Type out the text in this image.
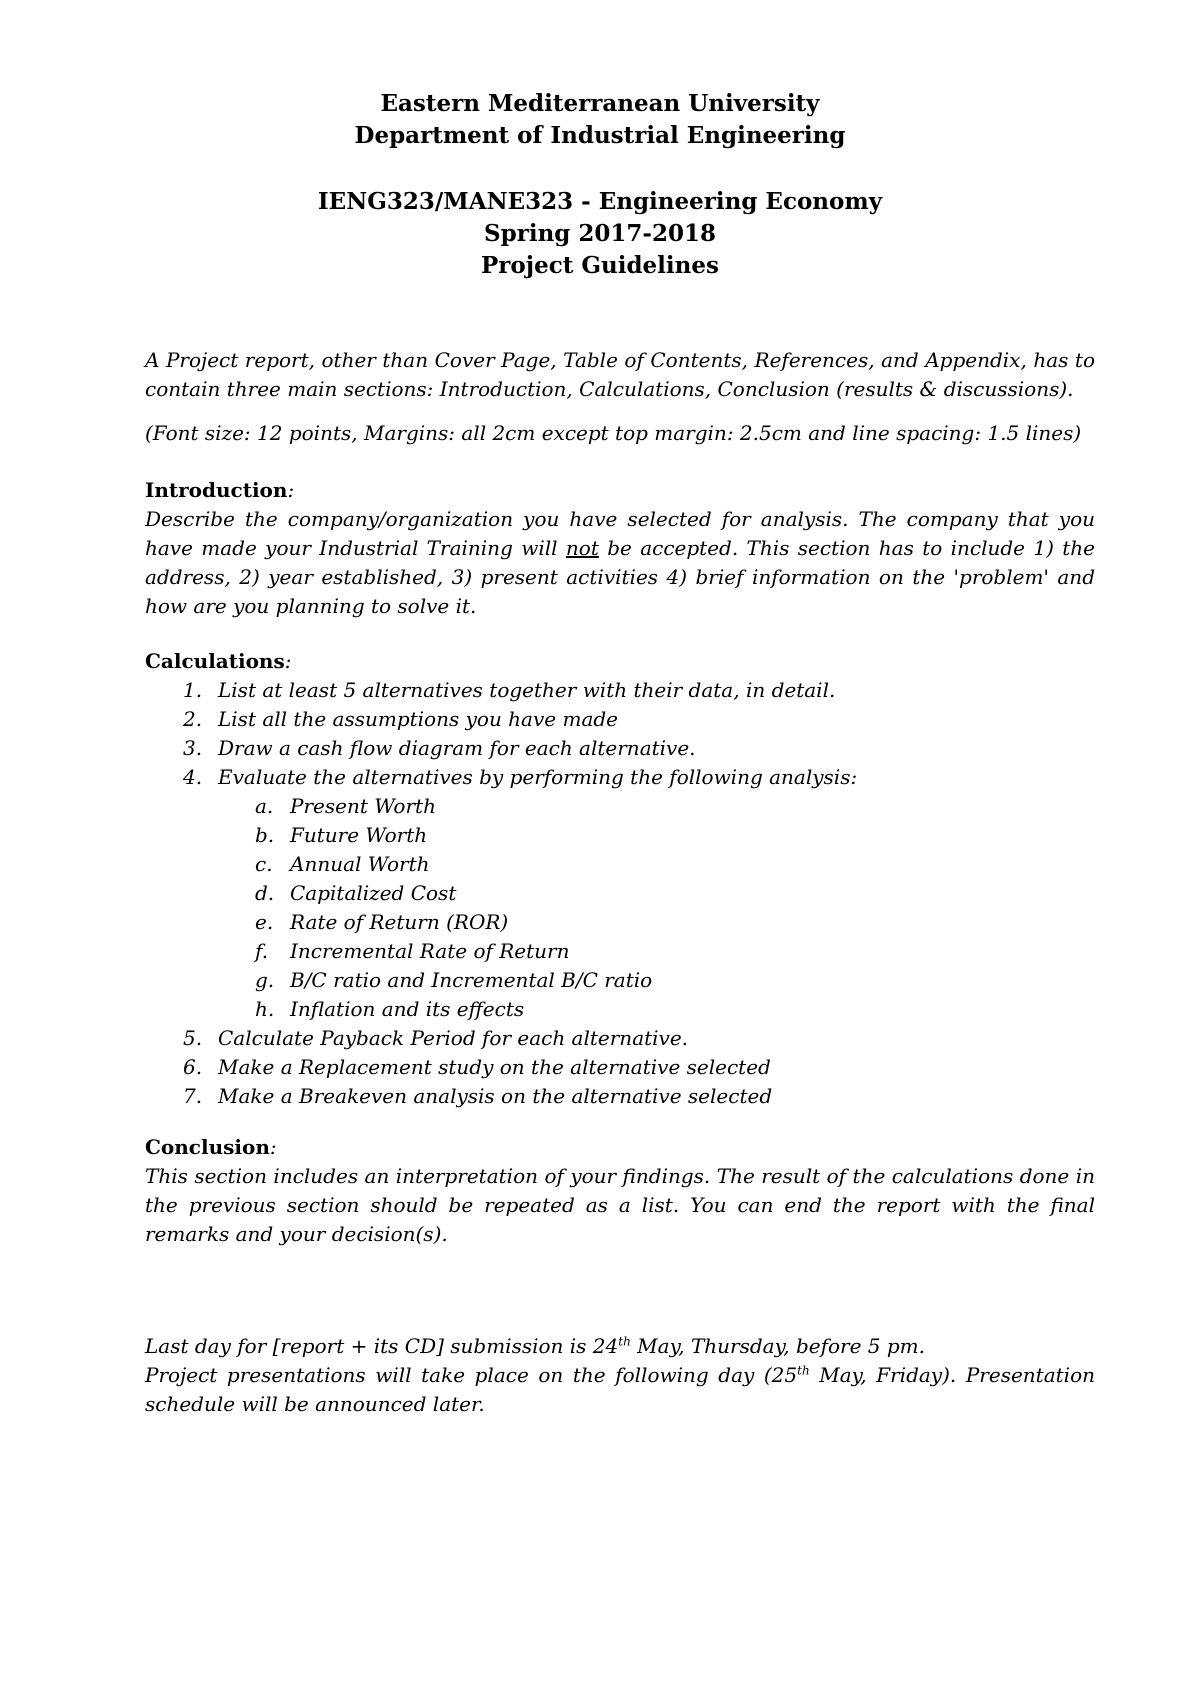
Eastern Mediterranean University
Department of Industrial Engineering
IENG323/MANE323 - Engineering Economy
Spring 2017-2018
Project Guidelines
A Project report, other than Cover Page, Table of Contents, References, and Appendix, has to contain three main sections: Introduction, Calculations, Conclusion (results & discussions).
(Font size: 12 points, Margins: all 2cm except top margin: 2.5cm and line spacing: 1.5 lines)
Introduction:
Describe the company/organization you have selected for analysis. The company that you have made your Industrial Training will not be accepted. This section has to include 1) the address, 2) year established, 3) present activities 4) brief information on the 'problem' and how are you planning to solve it.
Calculations:
1. List at least 5 alternatives together with their data, in detail.
2. List all the assumptions you have made
3. Draw a cash flow diagram for each alternative.
4. Evaluate the alternatives by performing the following analysis:
a. Present Worth
b. Future Worth
c. Annual Worth
d. Capitalized Cost
e. Rate of Return (ROR)
f. Incremental Rate of Return
g. B/C ratio and Incremental B/C ratio
h. Inflation and its effects
5. Calculate Payback Period for each alternative.
6. Make a Replacement study on the alternative selected
7. Make a Breakeven analysis on the alternative selected
Conclusion:
This section includes an interpretation of your findings. The result of the calculations done in the previous section should be repeated as a list. You can end the report with the final remarks and your decision(s).
Last day for [report + its CD] submission is 24th May, Thursday, before 5 pm.
Project presentations will take place on the following day (25th May, Friday). Presentation schedule will be announced later.
